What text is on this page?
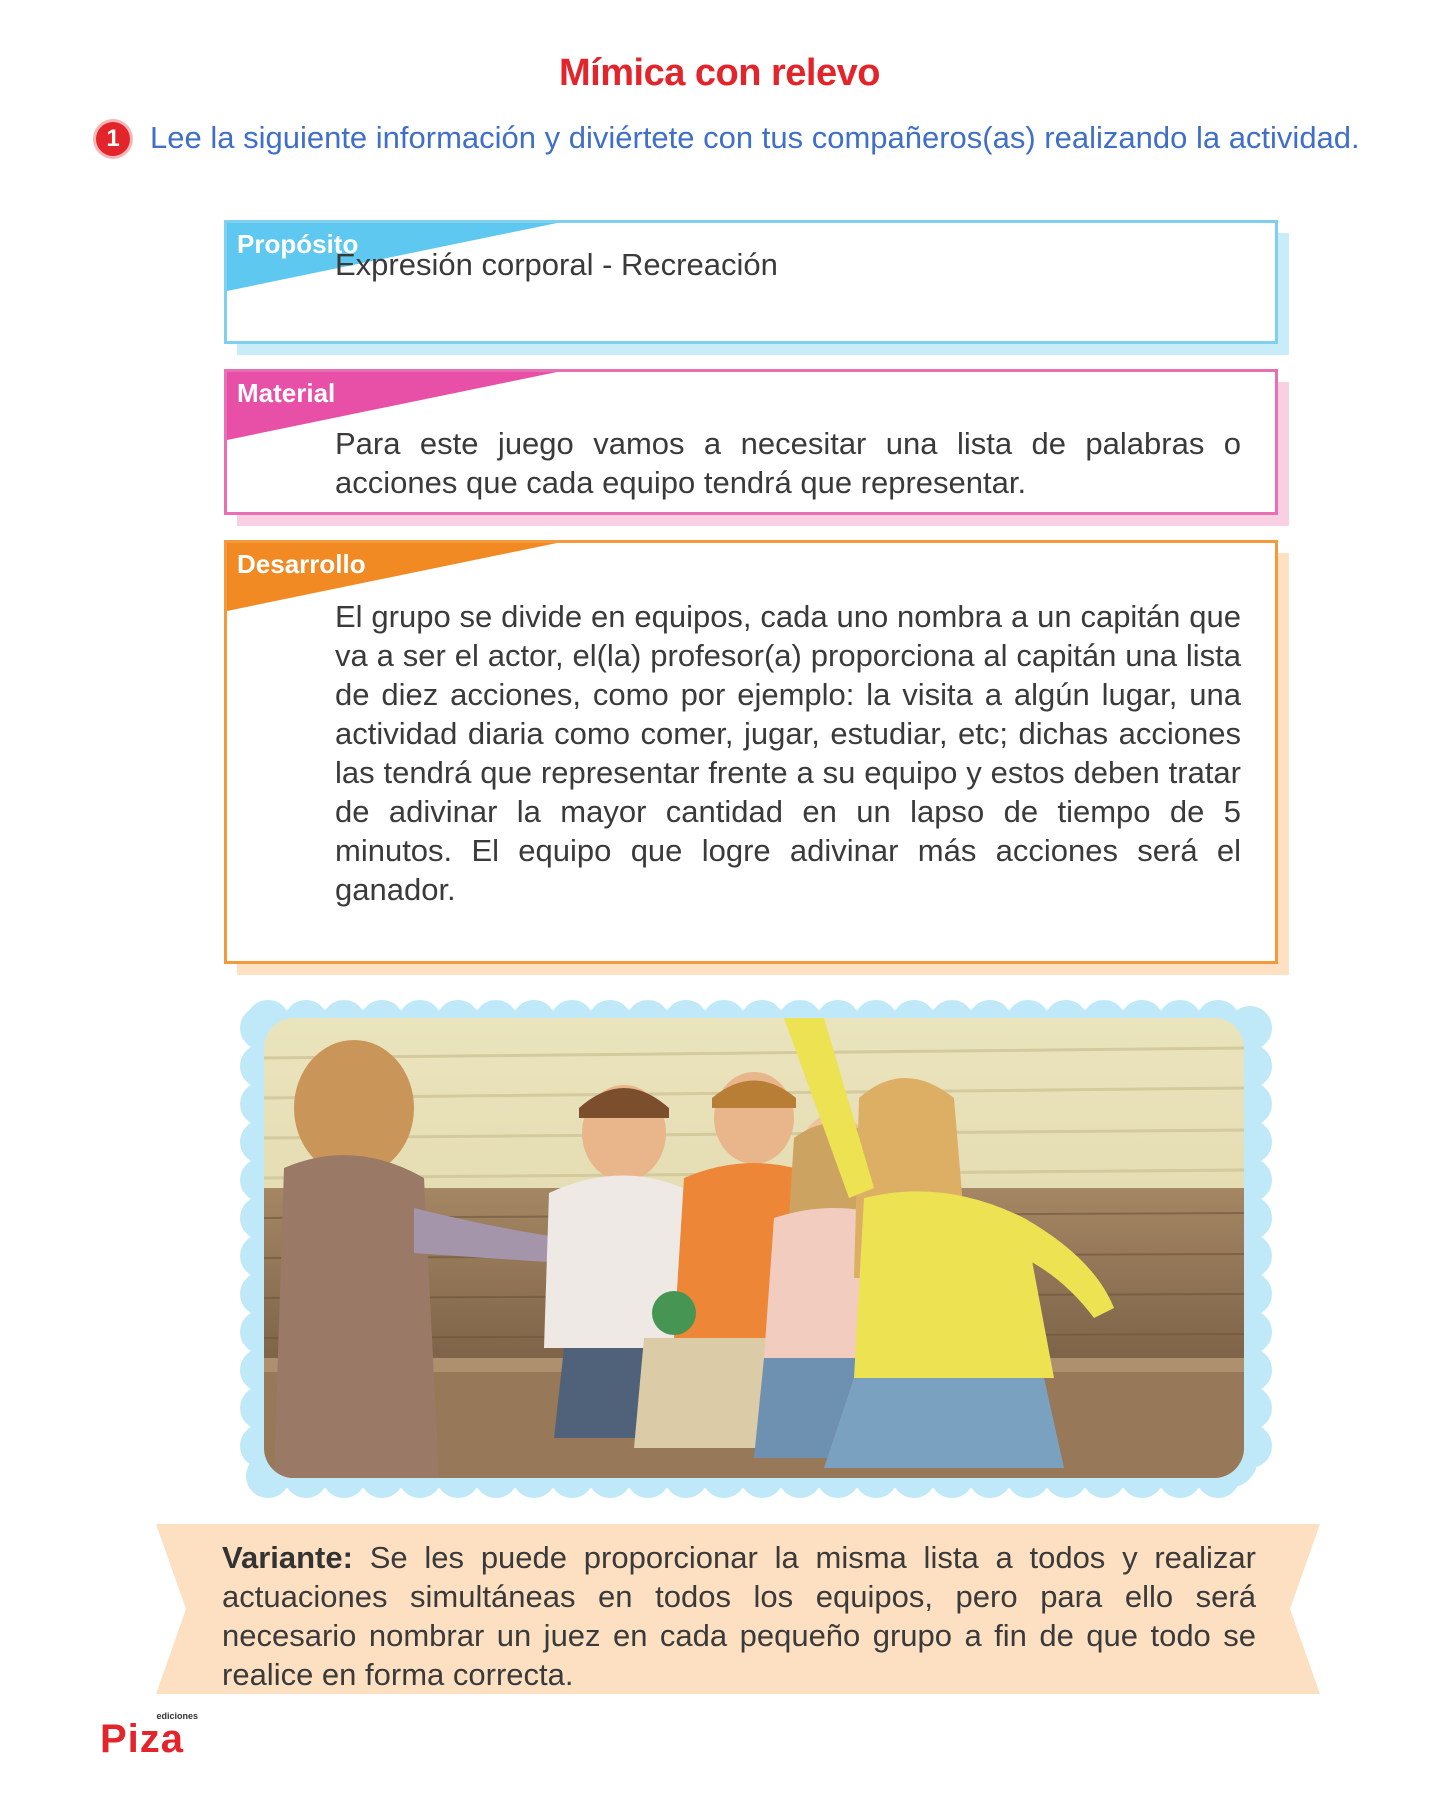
Mímica con relevo
1 Lee la siguiente información y diviértete con tus compañeros(as) realizando la actividad.
Propósito
Expresión corporal - Recreación
Material
Para este juego vamos a necesitar una lista de palabras o acciones que cada equipo tendrá que representar.
Desarrollo
El grupo se divide en equipos, cada uno nombra a un capitán que va a ser el actor, el(la) profesor(a) proporciona al capitán una lista de diez acciones, como por ejemplo: la visita a algún lugar, una actividad diaria como comer, jugar, estudiar, etc; dichas acciones las tendrá que representar frente a su equipo y estos deben tratar de adivinar la mayor cantidad en un lapso de tiempo de 5 minutos. El equipo que logre adivinar más acciones será el ganador.
Variante: Se les puede proporcionar la misma lista a todos y realizar actuaciones simultáneas en todos los equipos, pero para ello será necesario nombrar un juez en cada pequeño grupo a fin de que todo se realice en forma correcta.
ediciones
Piza
